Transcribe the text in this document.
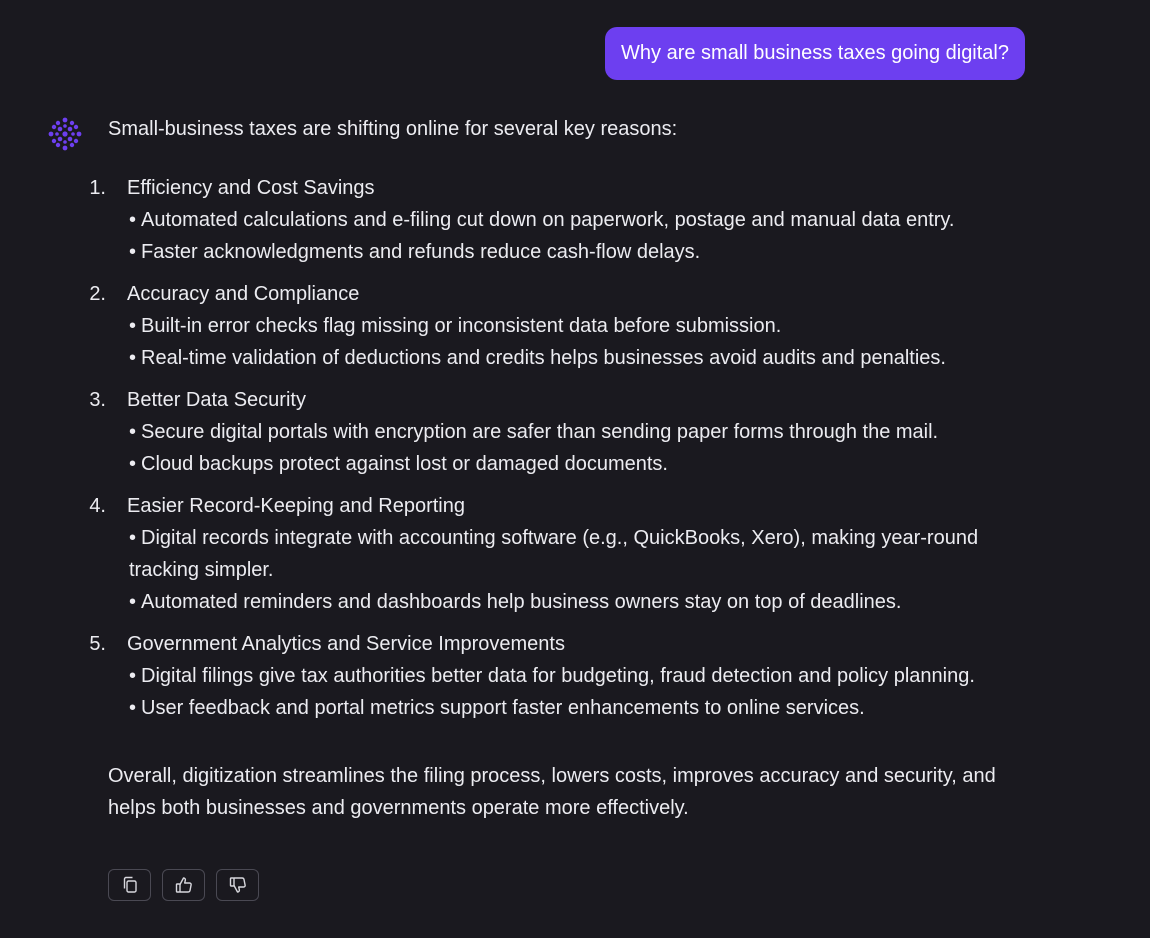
Why are small business taxes going digital?

Small-business taxes are shifting online for several key reasons:

1.	Efficiency and Cost Savings
• Automated calculations and e-filing cut down on paperwork, postage and manual data entry.
• Faster acknowledgments and refunds reduce cash-flow delays.
2.	Accuracy and Compliance
• Built-in error checks flag missing or inconsistent data before submission.
• Real-time validation of deductions and credits helps businesses avoid audits and penalties.
3.	Better Data Security
• Secure digital portals with encryption are safer than sending paper forms through the mail.
• Cloud backups protect against lost or damaged documents.
4.	Easier Record-Keeping and Reporting
• Digital records integrate with accounting software (e.g., QuickBooks, Xero), making year-round tracking simpler.
• Automated reminders and dashboards help business owners stay on top of deadlines.
5.	Government Analytics and Service Improvements
• Digital filings give tax authorities better data for budgeting, fraud detection and policy planning.
• User feedback and portal metrics support faster enhancements to online services.

Overall, digitization streamlines the filing process, lowers costs, improves accuracy and security, and helps both businesses and governments operate more effectively.
